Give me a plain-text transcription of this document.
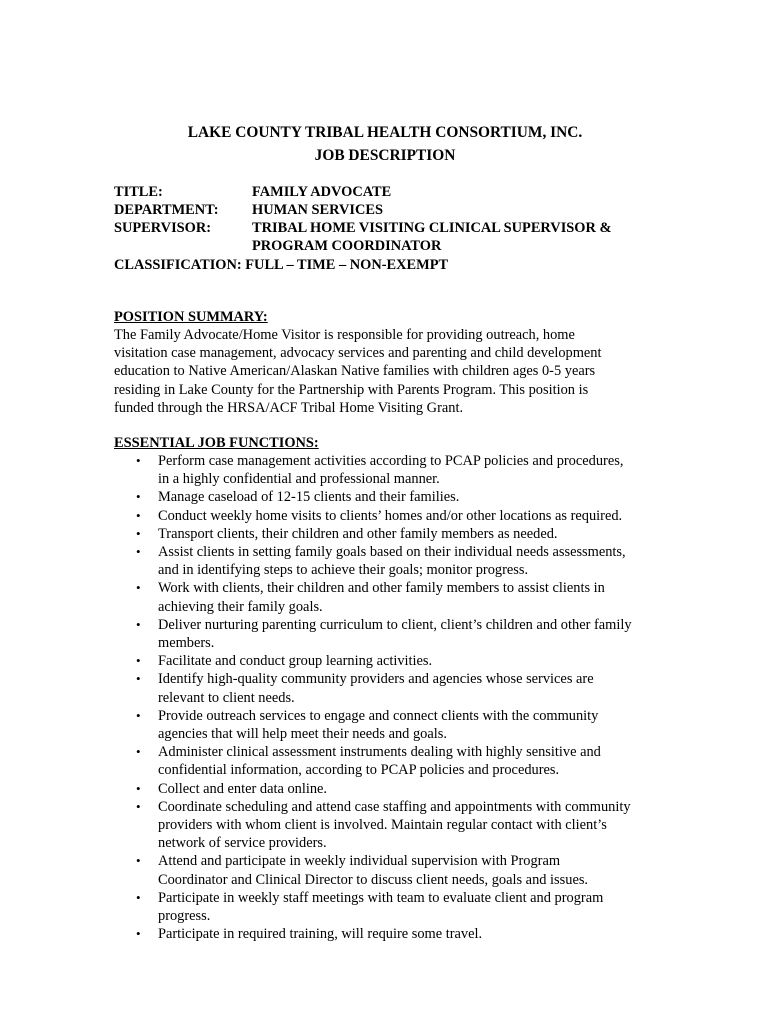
LAKE COUNTY TRIBAL HEALTH CONSORTIUM, INC.
JOB DESCRIPTION
TITLE:	FAMILY ADVOCATE
DEPARTMENT: HUMAN SERVICES
SUPERVISOR:	TRIBAL HOME VISITING CLINICAL SUPERVISOR &
PROGRAM COORDINATOR
CLASSIFICATION: FULL – TIME – NON-EXEMPT
POSITION SUMMARY:

The Family Advocate/Home Visitor is responsible for providing outreach, home

visitation case management, advocacy services and parenting and child development

education to Native American/Alaskan Native families with children ages 0-5 years

residing in Lake County for the Partnership with Parents Program. This position is

funded through the HRSA/ACF Tribal Home Visiting Grant.

ESSENTIAL JOB FUNCTIONS:
• Perform case management activities according to PCAP policies and procedures,
in a highly confidential and professional manner.
• Manage caseload of 12-15 clients and their families.
• Conduct weekly home visits to clients’ homes and/or other locations as required.
• Transport clients, their children and other family members as needed.
• Assist clients in setting family goals based on their individual needs assessments,
and in identifying steps to achieve their goals; monitor progress.
• Work with clients, their children and other family members to assist clients in
achieving their family goals.
• Deliver nurturing parenting curriculum to client, client’s children and other family
members.
• Facilitate and conduct group learning activities.
• Identify high-quality community providers and agencies whose services are
relevant to client needs.
• Provide outreach services to engage and connect clients with the community
agencies that will help meet their needs and goals.
• Administer clinical assessment instruments dealing with highly sensitive and
confidential information, according to PCAP policies and procedures.
• Collect and enter data online.
• Coordinate scheduling and attend case staffing and appointments with community
providers with whom client is involved. Maintain regular contact with client’s
network of service providers.
• Attend and participate in weekly individual supervision with Program
Coordinator and Clinical Director to discuss client needs, goals and issues.
• Participate in weekly staff meetings with team to evaluate client and program
progress.
• Participate in required training, will require some travel.
